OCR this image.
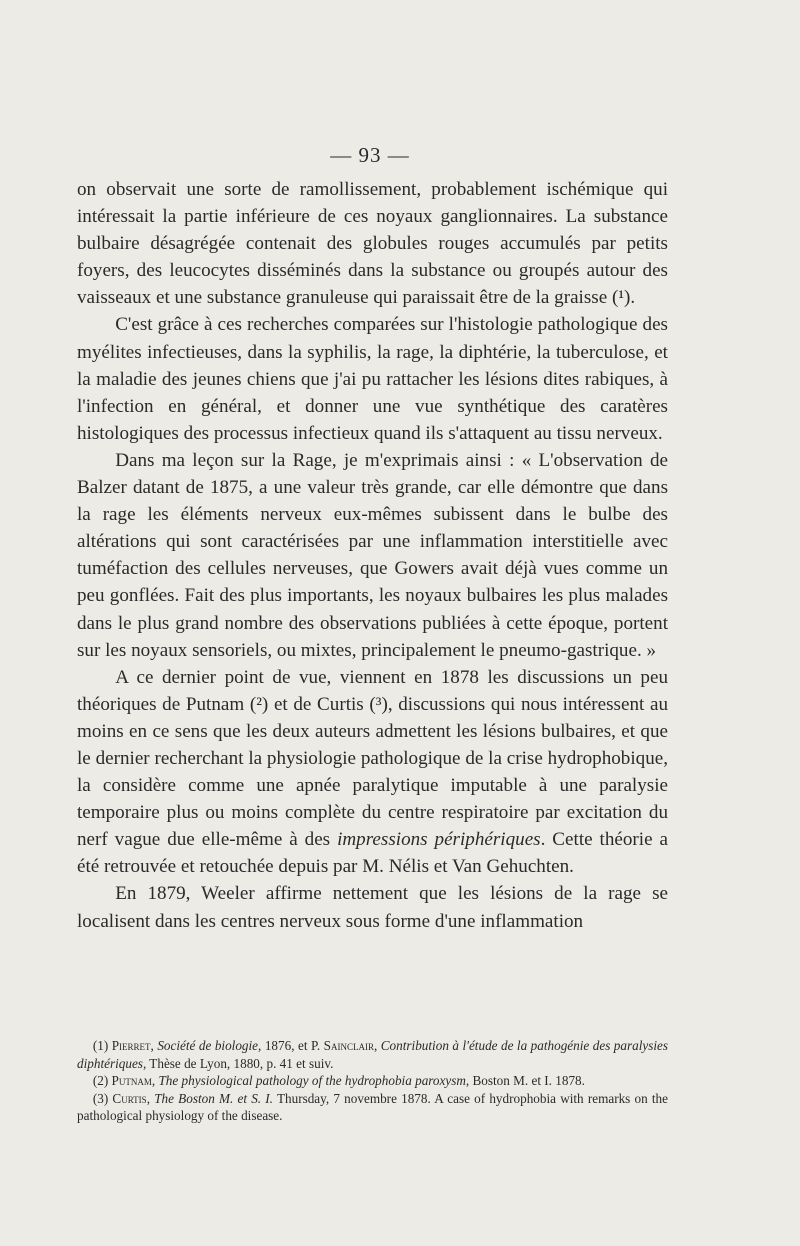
— 93 —

on observait une sorte de ramollissement, probablement ischémique qui intéressait la partie inférieure de ces noyaux ganglionnaires. La substance bulbaire désagrégée contenait des globules rouges accumulés par petits foyers, des leucocytes disséminés dans la substance ou groupés autour des vaisseaux et une substance granuleuse qui paraissait être de la graisse (¹).

C'est grâce à ces recherches comparées sur l'histologie pathologique des myélites infectieuses, dans la syphilis, la rage, la diphtérie, la tuberculose, et la maladie des jeunes chiens que j'ai pu rattacher les lésions dites rabiques, à l'infection en général, et donner une vue synthétique des caratères histologiques des processus infectieux quand ils s'attaquent au tissu nerveux.

Dans ma leçon sur la Rage, je m'exprimais ainsi : « L'observation de Balzer datant de 1875, a une valeur très grande, car elle démontre que dans la rage les éléments nerveux eux-mêmes subissent dans le bulbe des altérations qui sont caractérisées par une inflammation interstitielle avec tuméfaction des cellules nerveuses, que Gowers avait déjà vues comme un peu gonflées. Fait des plus importants, les noyaux bulbaires les plus malades dans le plus grand nombre des observations publiées à cette époque, portent sur les noyaux sensoriels, ou mixtes, principalement le pneumo-gastrique. »

A ce dernier point de vue, viennent en 1878 les discussions un peu théoriques de Putnam (²) et de Curtis (³), discussions qui nous intéressent au moins en ce sens que les deux auteurs admettent les lésions bulbaires, et que le dernier recherchant la physiologie pathologique de la crise hydrophobique, la considère comme une apnée paralytique imputable à une paralysie temporaire plus ou moins complète du centre respiratoire par excitation du nerf vague due elle-même à des impressions périphériques. Cette théorie a été retrouvée et retouchée depuis par M. Nélis et Van Gehuchten.

En 1879, Weeler affirme nettement que les lésions de la rage se localisent dans les centres nerveux sous forme d'une inflammation

(1) Pierret, Société de biologie, 1876, et P. Sainclair, Contribution à l'étude de la pathogénie des paralysies diphtériques, Thèse de Lyon, 1880, p. 41 et suiv.

(2) Putnam, The physiological pathology of the hydrophobia paroxysm, Boston M. et I. 1878.

(3) Curtis, The Boston M. et S. I. Thursday, 7 novembre 1878. A case of hydrophobia with remarks on the pathological physiology of the disease.
